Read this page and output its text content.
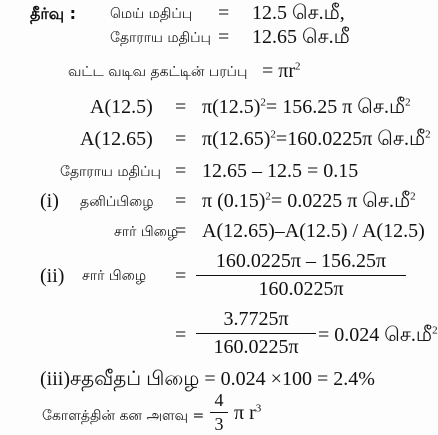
தீர்வு : மெய் மதிப்பு = 12.5 செ.மீ,
தோராய மதிப்பு = 12.65 செ.மீ
வட்ட வடிவ தகட்டின் பரப்பு = $\pi r^2$
$A(12.5) = \pi(12.5)^2= 156.25$ π செ.மீ$^2$
$A(12.65) = \pi(12.65)^2=160.0225\pi$ செ.மீ$^2$
தோராய மதிப்பு = 12.65 – 12.5 = 0.15
(i) தனிப்பிழை = π $(0.15)^2= 0.0225$ π செ.மீ$^2$
சார் பிழை
= A(12.65)–A(12.5) / A(12.5)
(ii) சார் பிழை =
160.0225π – 156.25π
160.0225π
=
3.7725π
160.0225π
= 0.024 செ.மீ$^2$
(iii)சதவீதப் பிழை = 0.024 ×100 = 2.4%
கோளத்தின் கன அளவு =
4
3 π $r^3$
